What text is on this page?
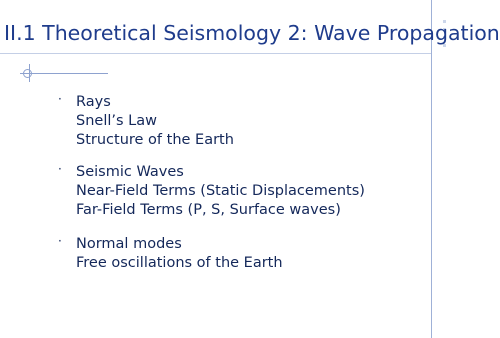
II.1 Theoretical Seismology 2: Wave Propagation
· Rays
Snell’s Law
Structure of the Earth
· Seismic Waves
Near-Field Terms (Static Displacements)
Far-Field Terms (P, S, Surface waves)
· Normal modes
Free oscillations of the Earth
